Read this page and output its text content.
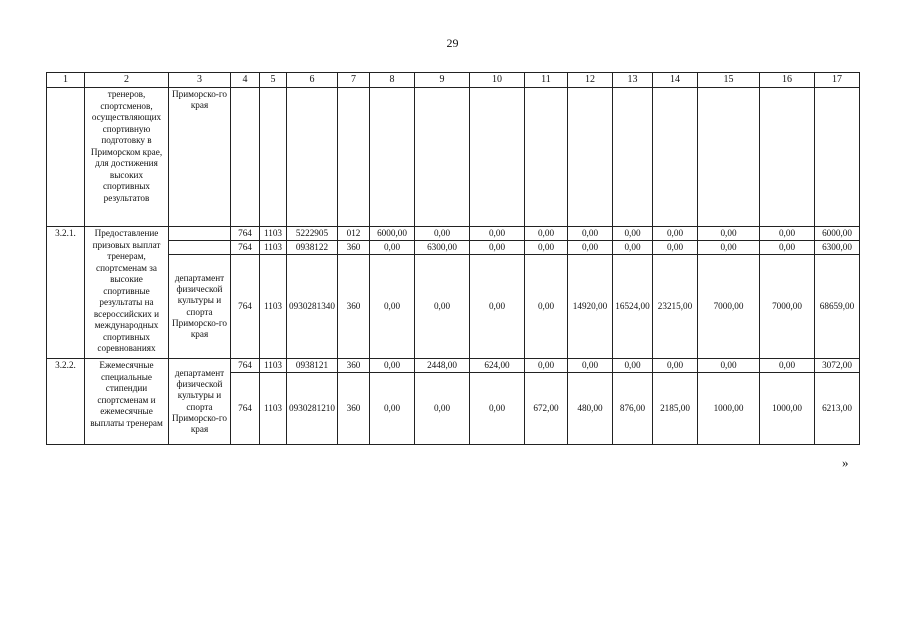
29
1	2	3	4	5	6	7	8	9	10	11	12	13	14	15	16	17
	тренеров, спортсменов, осуществляющих спортивную подготовку в Приморском крае, для достижения высоких спортивных результатов	Приморско-го края														
3.2.1.	Предоставление призовых выплат тренерам, спортсменам за высокие спортивные результаты на всероссийских и международных спортивных соревнованиях		764	1103	5222905	012	6000,00	0,00	0,00	0,00	0,00	0,00	0,00	0,00	0,00	6000,00
			764	1103	0938122	360	0,00	6300,00	0,00	0,00	0,00	0,00	0,00	0,00	0,00	6300,00
		департамент физической культуры и спорта Приморско-го края	764	1103	0930281340	360	0,00	0,00	0,00	0,00	14920,00	16524,00	23215,00	7000,00	7000,00	68659,00
3.2.2.	Ежемесячные специальные стипендии спортсменам и ежемесячные выплаты тренерам	департамент физической культуры и спорта Приморско-го края	764	1103	0938121	360	0,00	2448,00	624,00	0,00	0,00	0,00	0,00	0,00	0,00	3072,00
			764	1103	0930281210	360	0,00	0,00	0,00	672,00	480,00	876,00	2185,00	1000,00	1000,00	6213,00
»
